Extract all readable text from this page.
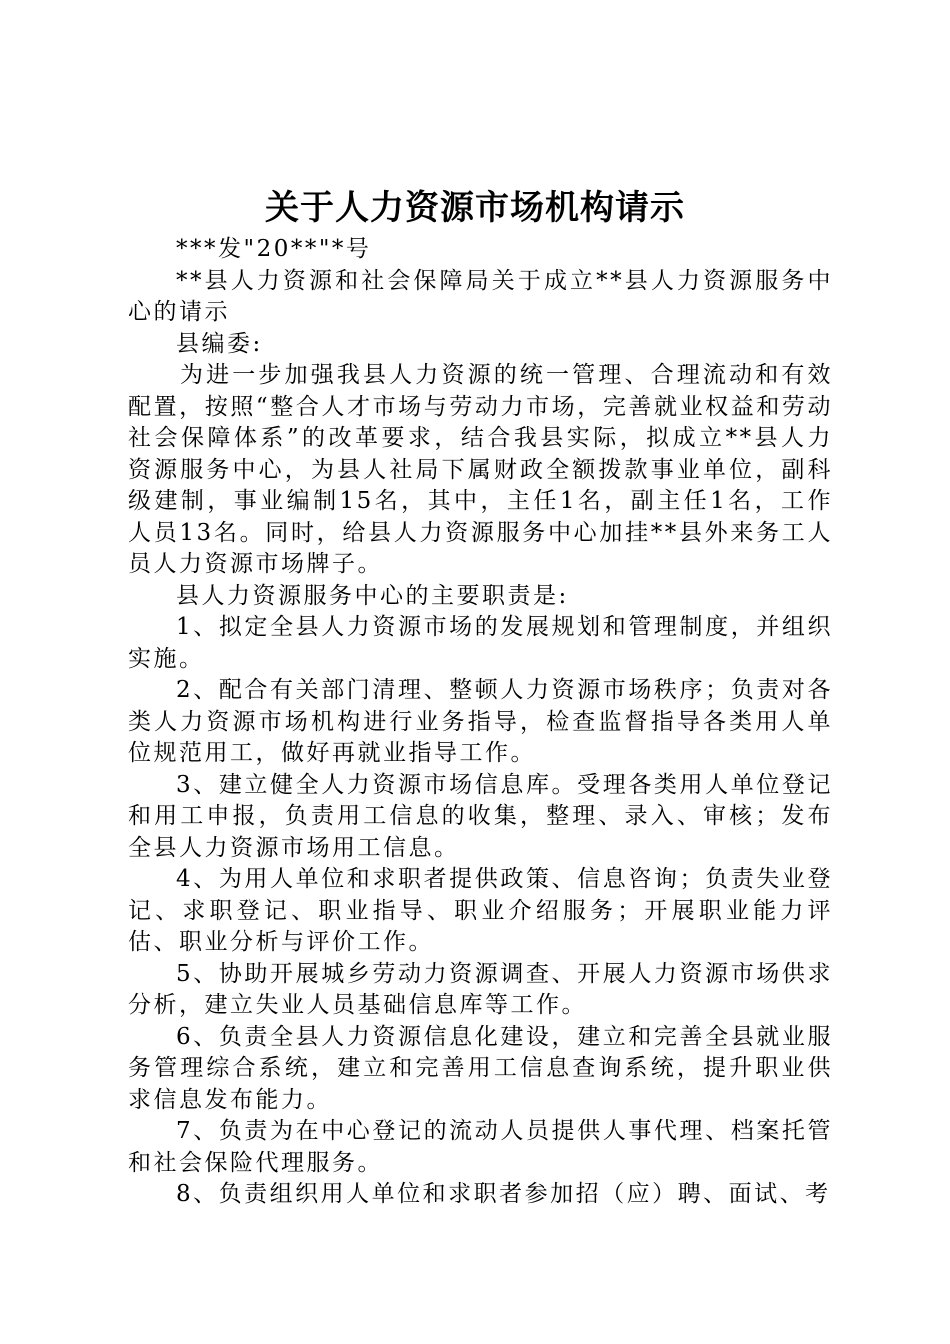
关于人力资源市场机构请示

***发"20**"*号

**县人力资源和社会保障局关于成立**县人力资源服务中心的请示

县编委:

为进一步加强我县人力资源的统一管理、合理流动和有效配置，按照“整合人才市场与劳动力市场，完善就业权益和劳动社会保障体系”的改革要求，结合我县实际，拟成立**县人力资源服务中心，为县人社局下属财政全额拨款事业单位，副科级建制，事业编制15名，其中，主任1名，副主任1名，工作人员13名。同时，给县人力资源服务中心加挂**县外来务工人员人力资源市场牌子。

县人力资源服务中心的主要职责是:

1、拟定全县人力资源市场的发展规划和管理制度，并组织实施。

2、配合有关部门清理、整顿人力资源市场秩序；负责对各类人力资源市场机构进行业务指导，检查监督指导各类用人单位规范用工，做好再就业指导工作。

3、建立健全人力资源市场信息库。受理各类用人单位登记和用工申报，负责用工信息的收集，整理、录入、审核；发布全县人力资源市场用工信息。

4、为用人单位和求职者提供政策、信息咨询；负责失业登记、求职登记、职业指导、职业介绍服务；开展职业能力评估、职业分析与评价工作。

5、协助开展城乡劳动力资源调查、开展人力资源市场供求分析，建立失业人员基础信息库等工作。

6、负责全县人力资源信息化建设，建立和完善全县就业服务管理综合系统，建立和完善用工信息查询系统，提升职业供求信息发布能力。

7、负责为在中心登记的流动人员提供人事代理、档案托管和社会保险代理服务。

8、负责组织用人单位和求职者参加招（应）聘、面试、考
